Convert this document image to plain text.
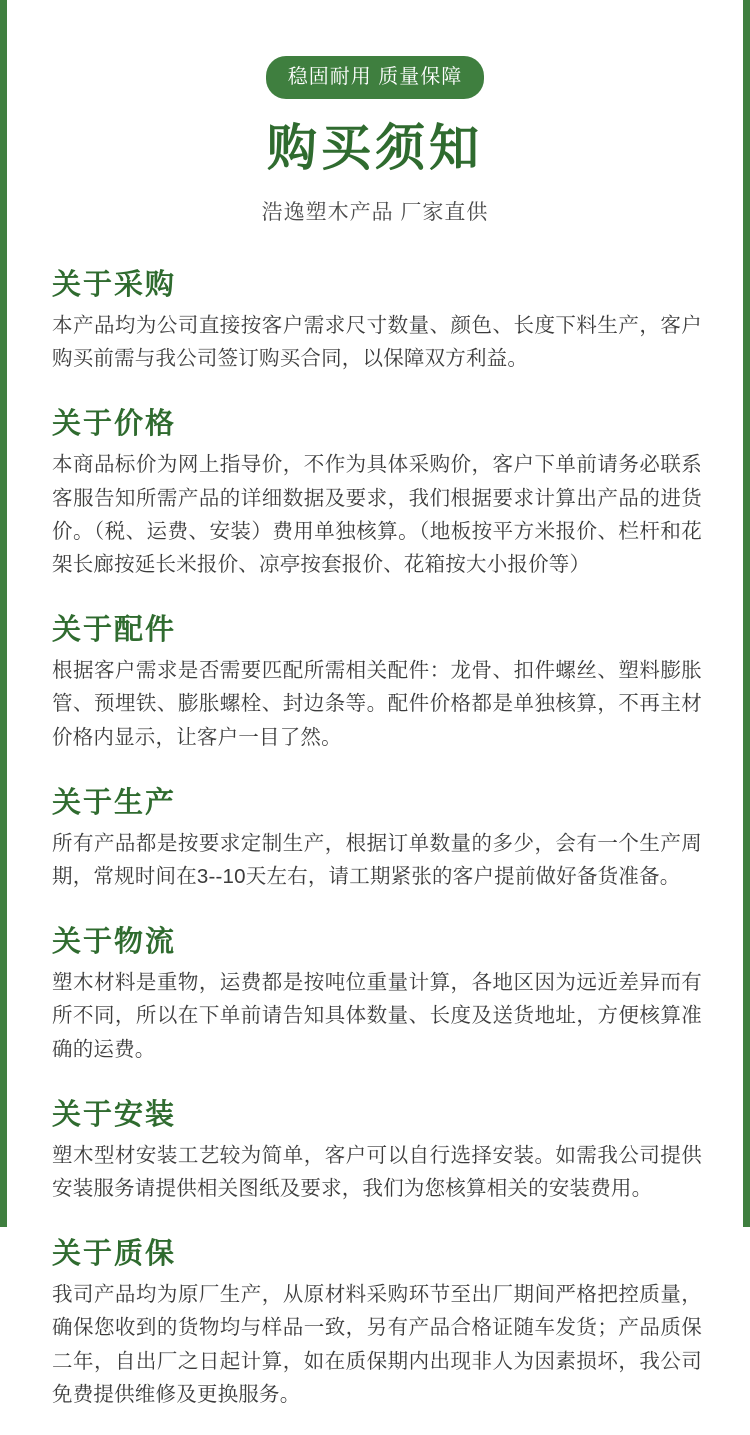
稳固耐用 质量保障
购买须知
浩逸塑木产品 厂家直供
关于采购

本产品均为公司直接按客户需求尺寸数量、颜色、长度下料生产，客户购买前需与我公司签订购买合同，以保障双方利益。

关于价格

本商品标价为网上指导价，不作为具体采购价，客户下单前请务必联系客服告知所需产品的详细数据及要求，我们根据要求计算出产品的进货价。（税、运费、安装）费用单独核算。（地板按平方米报价、栏杆和花架长廊按延长米报价、凉亭按套报价、花箱按大小报价等）

关于配件

根据客户需求是否需要匹配所需相关配件：龙骨、扣件螺丝、塑料膨胀管、预埋铁、膨胀螺栓、封边条等。配件价格都是单独核算，不再主材价格内显示，让客户一目了然。

关于生产

所有产品都是按要求定制生产，根据订单数量的多少，会有一个生产周期，常规时间在3--10天左右，请工期紧张的客户提前做好备货准备。

关于物流

塑木材料是重物，运费都是按吨位重量计算，各地区因为远近差异而有所不同，所以在下单前请告知具体数量、长度及送货地址，方便核算准确的运费。

关于安装

塑木型材安装工艺较为简单，客户可以自行选择安装。如需我公司提供安装服务请提供相关图纸及要求，我们为您核算相关的安装费用。

关于质保

我司产品均为原厂生产，从原材料采购环节至出厂期间严格把控质量，确保您收到的货物均与样品一致，另有产品合格证随车发货；产品质保二年，自出厂之日起计算，如在质保期内出现非人为因素损坏，我公司免费提供维修及更换服务。
